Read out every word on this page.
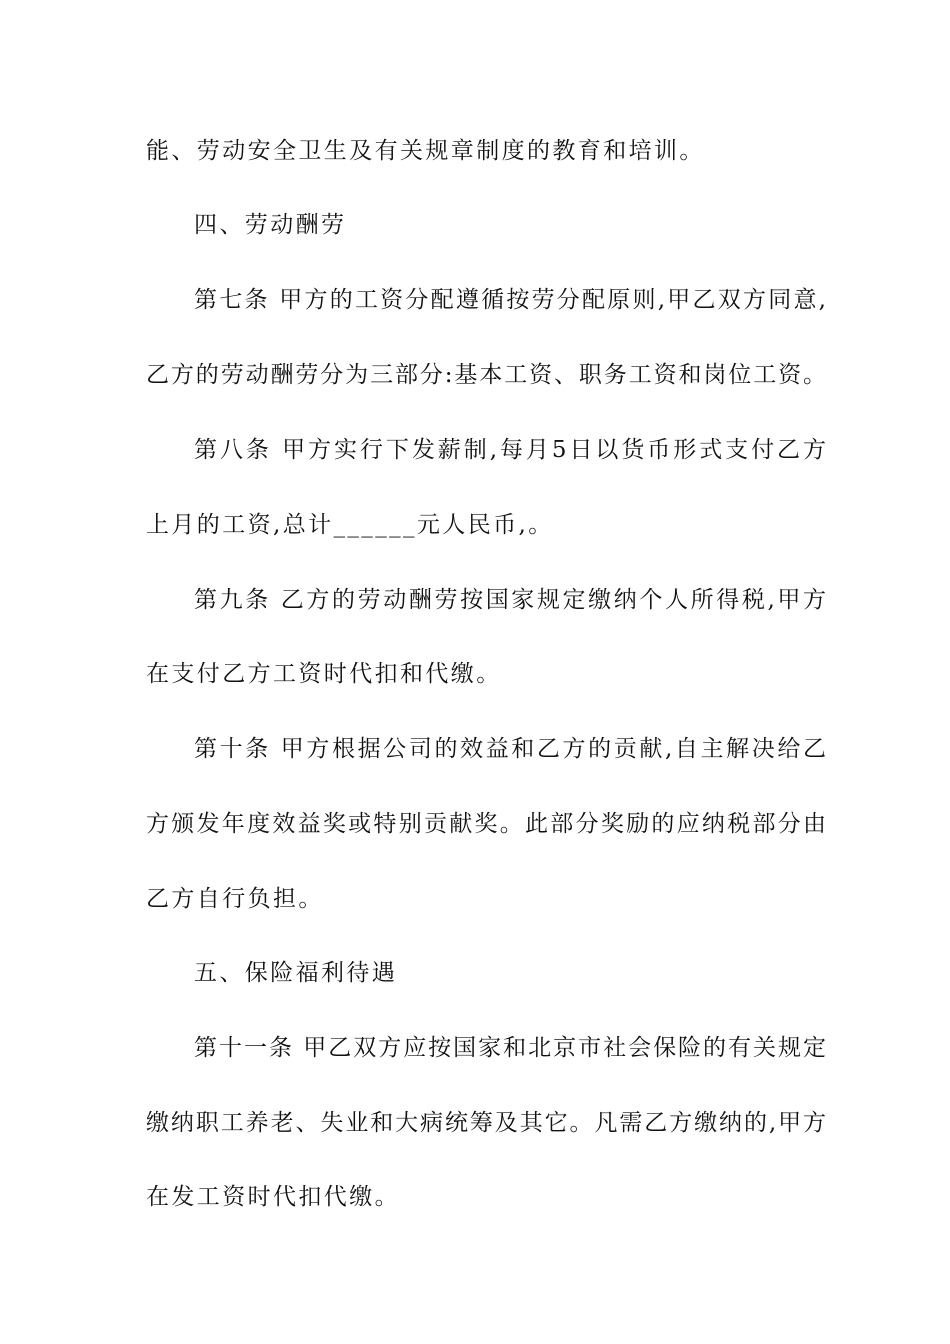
能、劳动安全卫生及有关规章制度的教育和培训。

四、劳动酬劳

第七条 甲方的工资分配遵循按劳分配原则,甲乙双方同意,

乙方的劳动酬劳分为三部分:基本工资、职务工资和岗位工资。

第八条 甲方实行下发薪制,每月5日以货币形式支付乙方

上月的工资,总计______元人民币,。

第九条 乙方的劳动酬劳按国家规定缴纳个人所得税,甲方

在支付乙方工资时代扣和代缴。

第十条 甲方根据公司的效益和乙方的贡献,自主解决给乙

方颁发年度效益奖或特别贡献奖。此部分奖励的应纳税部分由

乙方自行负担。

五、保险福利待遇

第十一条 甲乙双方应按国家和北京市社会保险的有关规定

缴纳职工养老、失业和大病统筹及其它。凡需乙方缴纳的,甲方

在发工资时代扣代缴。
